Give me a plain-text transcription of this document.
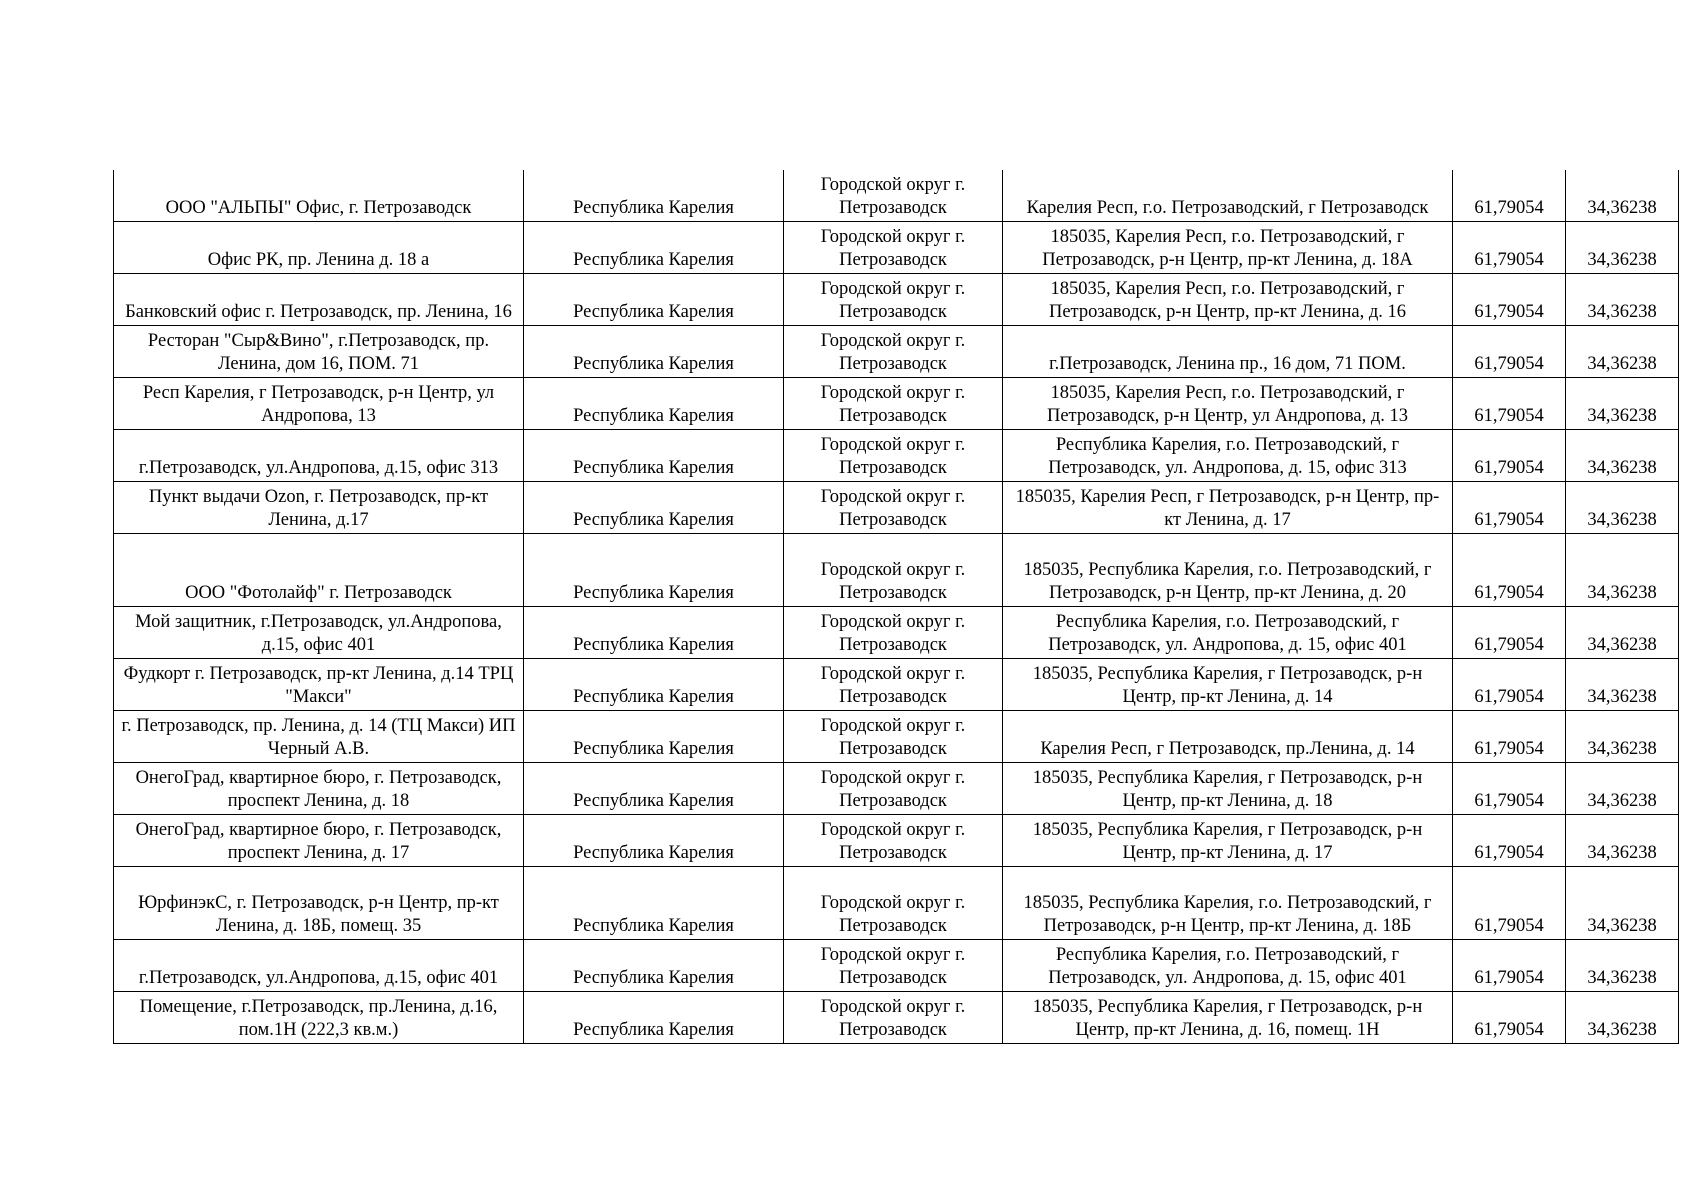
ООО "АЛЬПЫ" Офис, г. Петрозаводск	Республика Карелия	Городской округ г. Петрозаводск	Карелия Респ, г.о. Петрозаводский, г Петрозаводск	61,79054	34,36238
Офис РК, пр. Ленина д. 18 а	Республика Карелия	Городской округ г. Петрозаводск	185035, Карелия Респ, г.о. Петрозаводский, г Петрозаводск, р-н Центр, пр-кт Ленина, д. 18А	61,79054	34,36238
Банковский офис г. Петрозаводск, пр. Ленина, 16	Республика Карелия	Городской округ г. Петрозаводск	185035, Карелия Респ, г.о. Петрозаводский, г Петрозаводск, р-н Центр, пр-кт Ленина, д. 16	61,79054	34,36238
Ресторан "Сыр&Вино", г.Петрозаводск, пр. Ленина, дом 16, ПОМ. 71	Республика Карелия	Городской округ г. Петрозаводск	г.Петрозаводск, Ленина пр., 16 дом, 71 ПОМ.	61,79054	34,36238
Респ Карелия, г Петрозаводск, р-н Центр, ул Андропова, 13	Республика Карелия	Городской округ г. Петрозаводск	185035, Карелия Респ, г.о. Петрозаводский, г Петрозаводск, р-н Центр, ул Андропова, д. 13	61,79054	34,36238
г.Петрозаводск, ул.Андропова, д.15, офис 313	Республика Карелия	Городской округ г. Петрозаводск	Республика Карелия, г.о. Петрозаводский, г Петрозаводск, ул. Андропова, д. 15, офис 313	61,79054	34,36238
Пункт выдачи Ozon, г. Петрозаводск, пр-кт Ленина, д.17	Республика Карелия	Городской округ г. Петрозаводск	185035, Карелия Респ, г Петрозаводск, р-н Центр, пр-кт Ленина, д. 17	61,79054	34,36238
ООО "Фотолайф" г. Петрозаводск	Республика Карелия	Городской округ г. Петрозаводск	185035, Республика Карелия, г.о. Петрозаводский, г Петрозаводск, р-н Центр, пр-кт Ленина, д. 20	61,79054	34,36238
Мой защитник, г.Петрозаводск, ул.Андропова, д.15, офис 401	Республика Карелия	Городской округ г. Петрозаводск	Республика Карелия, г.о. Петрозаводский, г Петрозаводск, ул. Андропова, д. 15, офис 401	61,79054	34,36238
Фудкорт г. Петрозаводск, пр-кт Ленина, д.14 ТРЦ "Макси"	Республика Карелия	Городской округ г. Петрозаводск	185035, Республика Карелия, г Петрозаводск, р-н Центр, пр-кт Ленина, д. 14	61,79054	34,36238
г. Петрозаводск, пр. Ленина, д. 14 (ТЦ Макси) ИП Черный А.В.	Республика Карелия	Городской округ г. Петрозаводск	Карелия Респ, г Петрозаводск, пр.Ленина, д. 14	61,79054	34,36238
ОнегоГрад, квартирное бюро, г. Петрозаводск, проспект Ленина, д. 18	Республика Карелия	Городской округ г. Петрозаводск	185035, Республика Карелия, г Петрозаводск, р-н Центр, пр-кт Ленина, д. 18	61,79054	34,36238
ОнегоГрад, квартирное бюро, г. Петрозаводск, проспект Ленина, д. 17	Республика Карелия	Городской округ г. Петрозаводск	185035, Республика Карелия, г Петрозаводск, р-н Центр, пр-кт Ленина, д. 17	61,79054	34,36238
ЮрфинэкС, г. Петрозаводск, р-н Центр, пр-кт Ленина, д. 18Б, помещ. 35	Республика Карелия	Городской округ г. Петрозаводск	185035, Республика Карелия, г.о. Петрозаводский, г Петрозаводск, р-н Центр, пр-кт Ленина, д. 18Б	61,79054	34,36238
г.Петрозаводск, ул.Андропова, д.15, офис 401	Республика Карелия	Городской округ г. Петрозаводск	Республика Карелия, г.о. Петрозаводский, г Петрозаводск, ул. Андропова, д. 15, офис 401	61,79054	34,36238
Помещение, г.Петрозаводск, пр.Ленина, д.16, пом.1Н (222,3 кв.м.)	Республика Карелия	Городской округ г. Петрозаводск	185035, Республика Карелия, г Петрозаводск, р-н Центр, пр-кт Ленина, д. 16, помещ. 1Н	61,79054	34,36238
